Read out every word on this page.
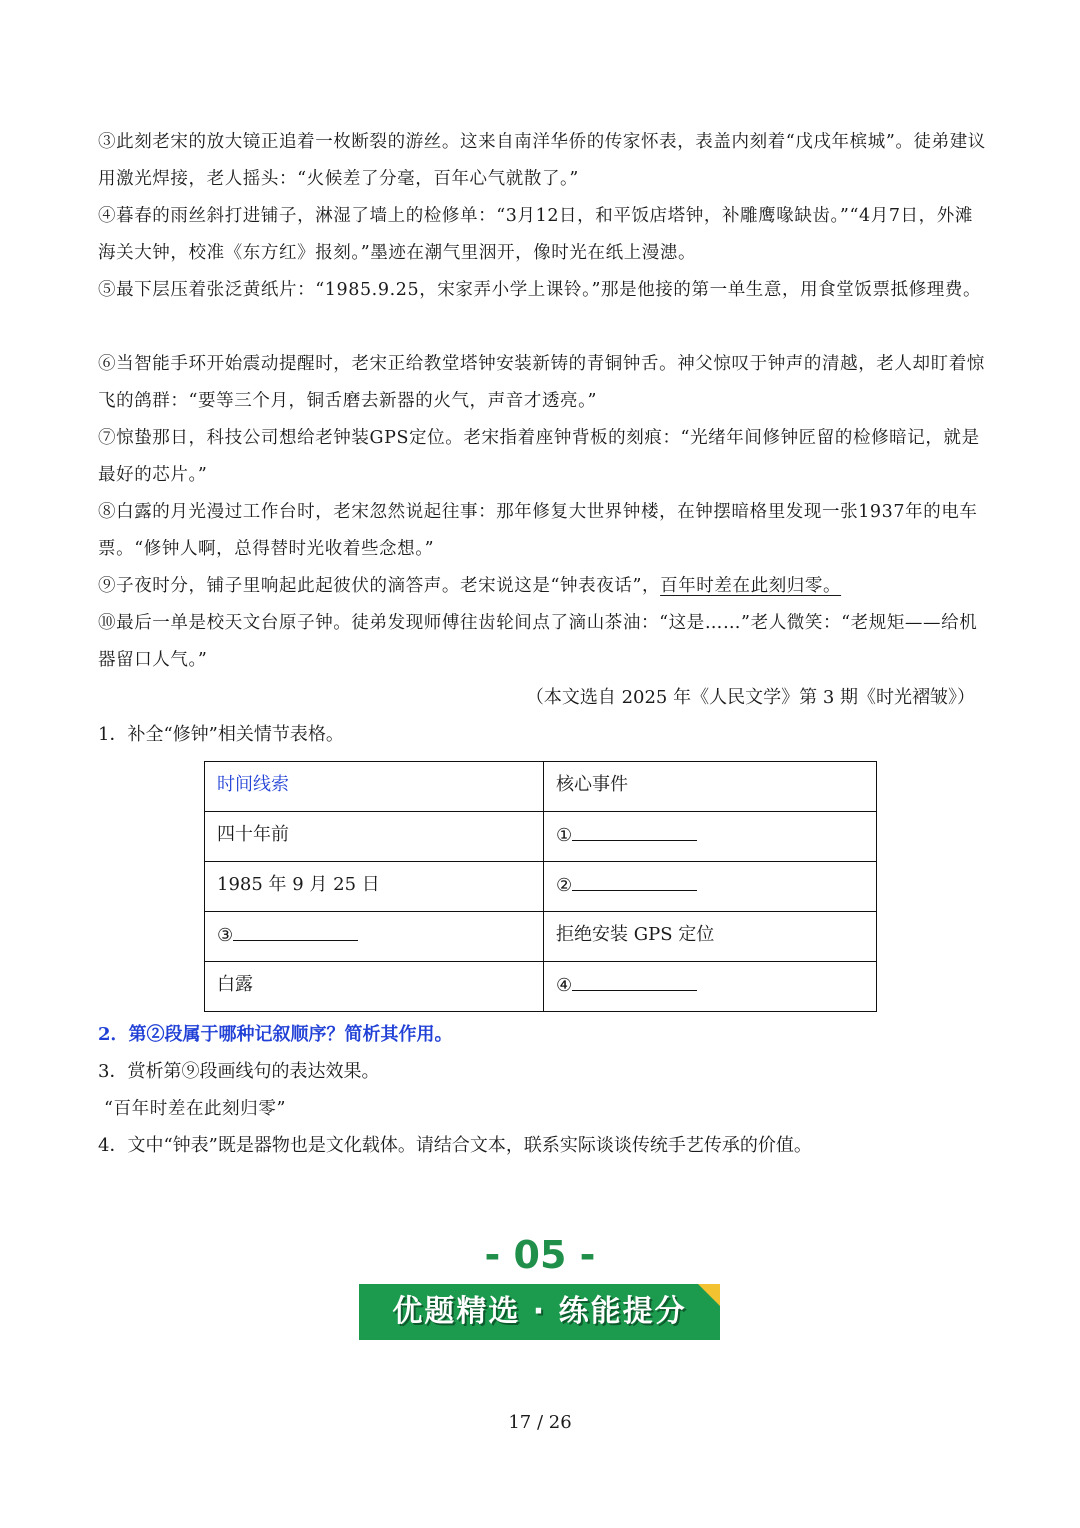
③此刻老宋的放大镜正追着一枚断裂的游丝。这来自南洋华侨的传家怀表，表盖内刻着“戊戌年槟城”。徒弟建议用激光焊接，老人摇头：“火候差了分毫，百年心气就散了。”

④暮春的雨丝斜打进铺子，淋湿了墙上的检修单：“3月12日，和平饭店塔钟，补雕鹰喙缺齿。”“4月7日，外滩海关大钟，校准《东方红》报刻。”墨迹在潮气里洇开，像时光在纸上漫漶。

⑤最下层压着张泛黄纸片：“1985.9.25，宋家弄小学上课铃。”那是他接的第一单生意，用食堂饭票抵修理费。

⑥当智能手环开始震动提醒时，老宋正给教堂塔钟安装新铸的青铜钟舌。神父惊叹于钟声的清越，老人却盯着惊飞的鸽群：“要等三个月，铜舌磨去新器的火气，声音才透亮。”

⑦惊蛰那日，科技公司想给老钟装GPS定位。老宋指着座钟背板的刻痕：“光绪年间修钟匠留的检修暗记，就是最好的芯片。”

⑧白露的月光漫过工作台时，老宋忽然说起往事：那年修复大世界钟楼，在钟摆暗格里发现一张1937年的电车票。“修钟人啊，总得替时光收着些念想。”

⑨子夜时分，铺子里响起此起彼伏的滴答声。老宋说这是“钟表夜话”，百年时差在此刻归零。

⑩最后一单是校天文台原子钟。徒弟发现师傅往齿轮间点了滴山茶油：“这是……”老人微笑：“老规矩——给机器留口人气。”

（本文选自 2025 年《人民文学》第 3 期《时光褶皱》）

1．补全“修钟”相关情节表格。

时间线索	核心事件
四十年前	①
1985 年 9 月 25 日	②
③	拒绝安装 GPS 定位
白露	④

2．第②段属于哪种记叙顺序？简析其作用。

3．赏析第⑨段画线句的表达效果。

“百年时差在此刻归零”

4．文中“钟表”既是器物也是文化载体。请结合文本，联系实际谈谈传统手艺传承的价值。

- 05 -
优题精选 · 练能提分
17 / 26
